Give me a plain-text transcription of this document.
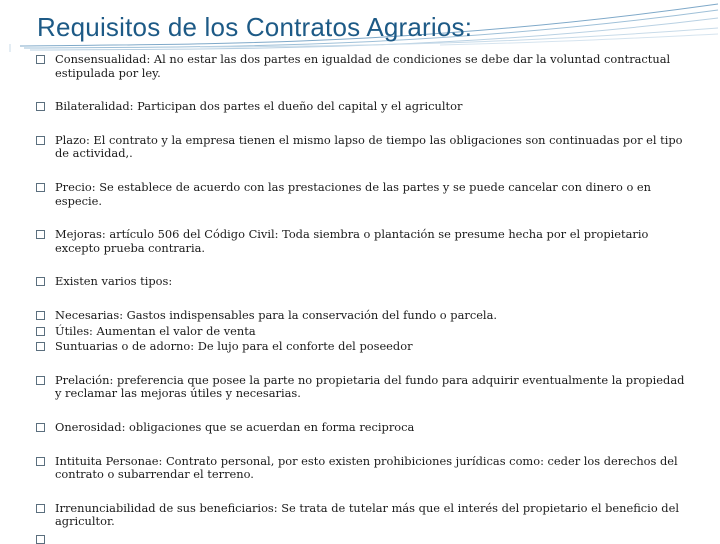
Requisitos de los Contratos Agrarios:
Consensualidad: Al no estar las dos partes en igualdad de condiciones se debe dar la voluntad contractual estipulada por ley.
Bilateralidad: Participan dos partes el dueño del capital y el agricultor
Plazo: El contrato y la empresa tienen el mismo lapso de tiempo las obligaciones son continuadas por el tipo de actividad,.
Precio: Se establece de acuerdo con las prestaciones de las partes y se puede cancelar con dinero o en especie.
Mejoras: artículo 506 del Código Civil: Toda siembra o plantación se presume hecha por el propietario excepto prueba contraria.
Existen varios tipos:
Necesarias: Gastos indispensables para la conservación del fundo o parcela.
Útiles: Aumentan el valor de venta
Suntuarias o de adorno: De lujo para el conforte del poseedor
Prelación: preferencia que posee la parte no propietaria del fundo para adquirir eventualmente la propiedad y reclamar las mejoras útiles y necesarias.
Onerosidad: obligaciones que se acuerdan en forma reciproca
Intituita Personae: Contrato personal, por esto existen prohibiciones jurídicas como: ceder los derechos del contrato o subarrendar el terreno.
Irrenunciabilidad de sus beneficiarios: Se trata de tutelar más que el interés del propietario el beneficio del agricultor.
